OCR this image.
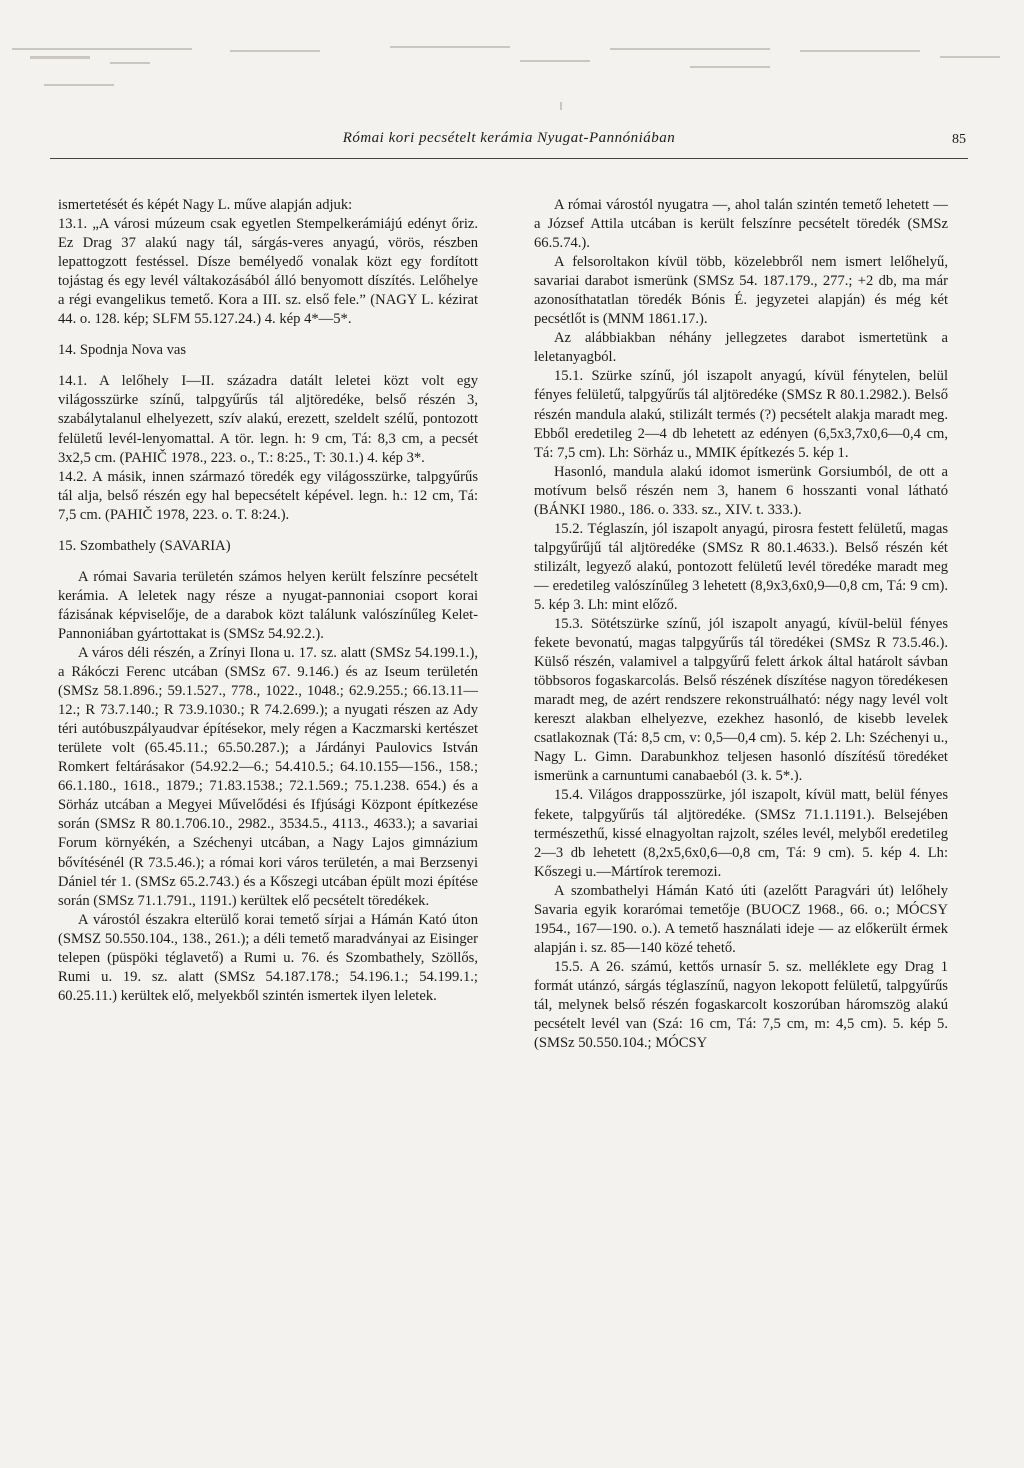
Római kori pecsételt kerámia Nyugat-Pannóniában	85

ismertetését és képét Nagy L. műve alapján adjuk:

13.1. „A városi múzeum csak egyetlen Stempelkerámiájú edényt őriz. Ez Drag 37 alakú nagy tál, sárgás-veres anyagú, vörös, részben lepattogzott festéssel. Dísze bemélyedő vonalak közt egy fordított tojástag és egy levél váltakozásából álló benyomott díszítés. Lelőhelye a régi evangelikus temető. Kora a III. sz. első fele.” (NAGY L. kézirat 44. o. 128. kép; SLFM 55.127.24.) 4. kép 4*—5*.

14. Spodnja Nova vas

14.1. A lelőhely I—II. századra datált leletei közt volt egy világosszürke színű, talpgyűrűs tál aljtöredéke, belső részén 3, szabálytalanul elhelyezett, szív alakú, erezett, szeldelt szélű, pontozott felületű levél-lenyomattal. A tör. legn. h: 9 cm, Tá: 8,3 cm, a pecsét 3x2,5 cm. (PAHIČ 1978., 223. o., T.: 8:25., T: 30.1.) 4. kép 3*.

14.2. A másik, innen származó töredék egy világosszürke, talpgyűrűs tál alja, belső részén egy hal bepecsételt képével. legn. h.: 12 cm, Tá: 7,5 cm. (PAHIČ 1978, 223. o. T. 8:24.).

15. Szombathely (SAVARIA)

A római Savaria területén számos helyen került felszínre pecsételt kerámia. A leletek nagy része a nyugat-pannoniai csoport korai fázisának képviselője, de a darabok közt találunk valószínűleg Kelet-Pannoniában gyártottakat is (SMSz 54.92.2.).

A város déli részén, a Zrínyi Ilona u. 17. sz. alatt (SMSz 54.199.1.), a Rákóczi Ferenc utcában (SMSz 67. 9.146.) és az Iseum területén (SMSz 58.1.896.; 59.1.527., 778., 1022., 1048.; 62.9.255.; 66.13.11—12.; R 73.7.140.; R 73.9.1030.; R 74.2.699.); a nyugati részen az Ady téri autóbuszpályaudvar építésekor, mely régen a Kaczmarski kertészet területe volt (65.45.11.; 65.50.287.); a Járdányi Paulovics István Romkert feltárásakor (54.92.2—6.; 54.410.5.; 64.10.155—156., 158.; 66.1.180., 1618., 1879.; 71.83.1538.; 72.1.569.; 75.1.238. 654.) és a Sörház utcában a Megyei Művelődési és Ifjúsági Központ építkezése során (SMSz R 80.1.706.10., 2982., 3534.5., 4113., 4633.); a savariai Forum környékén, a Széchenyi utcában, a Nagy Lajos gimnázium bővítésénél (R 73.5.46.); a római kori város területén, a mai Berzsenyi Dániel tér 1. (SMSz 65.2.743.) és a Kőszegi utcában épült mozi építése során (SMSz 71.1.791., 1191.) kerültek elő pecsételt töredékek.

A várostól északra elterülő korai temető sírjai a Hámán Kató úton (SMSZ 50.550.104., 138., 261.); a déli temető maradványai az Eisinger telepen (püspöki téglavető) a Rumi u. 76. és Szombathely, Szöllős, Rumi u. 19. sz. alatt (SMSz 54.187.178.; 54.196.1.; 54.199.1.; 60.25.11.) kerültek elő, melyekből szintén ismertek ilyen leletek.

A római várostól nyugatra —, ahol talán szintén temető lehetett — a József Attila utcában is került felszínre pecsételt töredék (SMSz 66.5.74.).

A felsoroltakon kívül több, közelebbről nem ismert lelőhelyű, savariai darabot ismerünk (SMSz 54. 187.179., 277.; +2 db, ma már azonosíthatatlan töredék Bónis É. jegyzetei alapján) és még két pecsétlőt is (MNM 1861.17.).

Az alábbiakban néhány jellegzetes darabot ismertetünk a leletanyagból.

15.1. Szürke színű, jól iszapolt anyagú, kívül fénytelen, belül fényes felületű, talpgyűrűs tál aljtöredéke (SMSz R 80.1.2982.). Belső részén mandula alakú, stilizált termés (?) pecsételt alakja maradt meg. Ebből eredetileg 2—4 db lehetett az edényen (6,5x3,7x0,6—0,4 cm, Tá: 7,5 cm). Lh: Sörház u., MMIK építkezés 5. kép 1.

Hasonló, mandula alakú idomot ismerünk Gorsiumból, de ott a motívum belső részén nem 3, hanem 6 hosszanti vonal látható (BÁNKI 1980., 186. o. 333. sz., XIV. t. 333.).

15.2. Téglaszín, jól iszapolt anyagú, pirosra festett felületű, magas talpgyűrűjű tál aljtöredéke (SMSz R 80.1.4633.). Belső részén két stilizált, legyező alakú, pontozott felületű levél töredéke maradt meg — eredetileg valószínűleg 3 lehetett (8,9x3,6x0,9—0,8 cm, Tá: 9 cm). 5. kép 3. Lh: mint előző.

15.3. Sötétszürke színű, jól iszapolt anyagú, kívül-belül fényes fekete bevonatú, magas talpgyűrűs tál töredékei (SMSz R 73.5.46.). Külső részén, valamivel a talpgyűrű felett árkok által határolt sávban többsoros fogaskarcolás. Belső részének díszítése nagyon töredékesen maradt meg, de azért rendszere rekonstruálható: négy nagy levél volt kereszt alakban elhelyezve, ezekhez hasonló, de kisebb levelek csatlakoznak (Tá: 8,5 cm, v: 0,5—0,4 cm). 5. kép 2. Lh: Széchenyi u., Nagy L. Gimn. Darabunkhoz teljesen hasonló díszítésű töredéket ismerünk a carnuntumi canabaeból (3. k. 5*.).

15.4. Világos drapposszürke, jól iszapolt, kívül matt, belül fényes fekete, talpgyűrűs tál aljtöredéke. (SMSz 71.1.1191.). Belsejében természethű, kissé elnagyoltan rajzolt, széles levél, melyből eredetileg 2—3 db lehetett (8,2x5,6x0,6—0,8 cm, Tá: 9 cm). 5. kép 4. Lh: Kőszegi u.—Mártírok teremozi.

A szombathelyi Hámán Kató úti (azelőtt Paragvári út) lelőhely Savaria egyik korarómai temetője (BUOCZ 1968., 66. o.; MÓCSY 1954., 167—190. o.). A temető használati ideje — az előkerült érmek alapján i. sz. 85—140 közé tehető.

15.5. A 26. számú, kettős urnasír 5. sz. melléklete egy Drag 1 formát utánzó, sárgás téglaszínű, nagyon lekopott felületű, talpgyűrűs tál, melynek belső részén fogaskarcolt koszorúban háromszög alakú pecsételt levél van (Szá: 16 cm, Tá: 7,5 cm, m: 4,5 cm). 5. kép 5. (SMSz 50.550.104.; MÓCSY
